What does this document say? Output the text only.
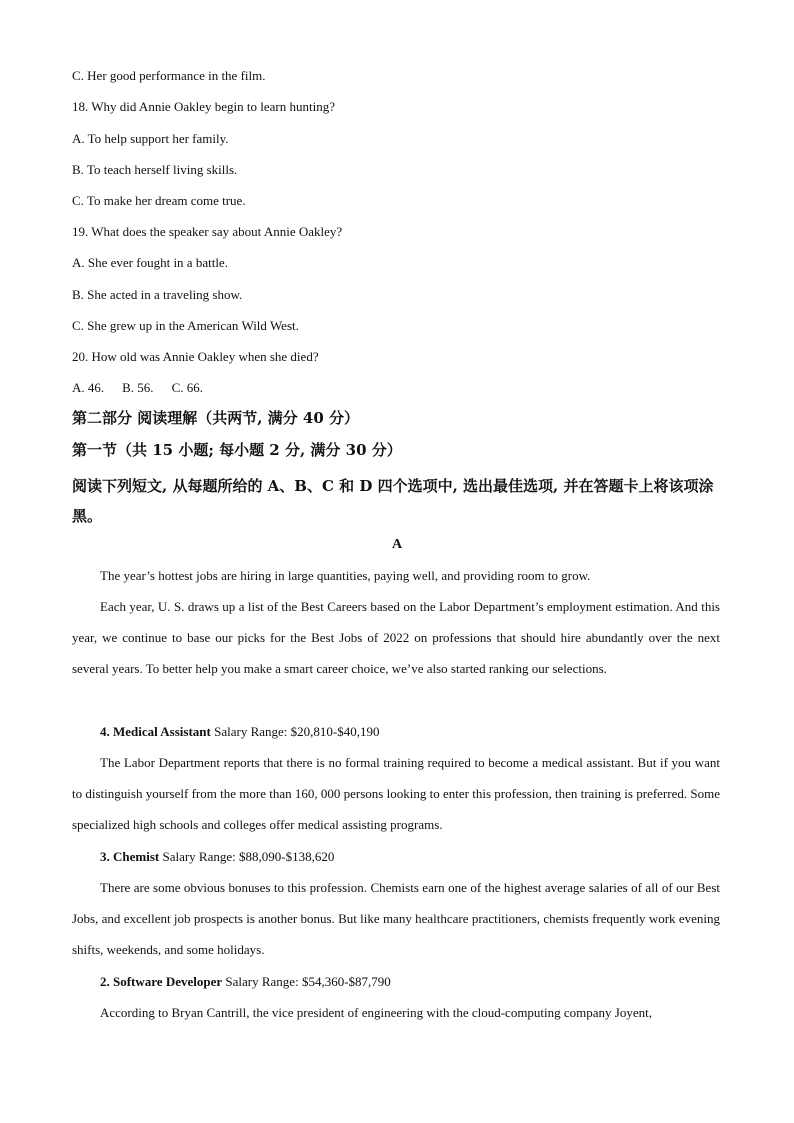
C. Her good performance in the film.
18. Why did Annie Oakley begin to learn hunting?
A. To help support her family.
B. To teach herself living skills.
C. To make her dream come true.
19. What does the speaker say about Annie Oakley?
A. She ever fought in a battle.
B. She acted in a traveling show.
C. She grew up in the American Wild West.
20. How old was Annie Oakley when she died?
A. 46. B. 56. C. 66.
第二部分 阅读理解（共两节, 满分 40 分）
第一节（共 15 小题; 每小题 2 分, 满分 30 分）
阅读下列短文, 从每题所给的 A、B、C 和 D 四个选项中, 选出最佳选项, 并在答题卡上将该项涂黑。
A
The year’s hottest jobs are hiring in large quantities, paying well, and providing room to grow.
Each year, U. S. draws up a list of the Best Careers based on the Labor Department’s employment estimation. And this year, we continue to base our picks for the Best Jobs of 2022 on professions that should hire abundantly over the next several years. To better help you make a smart career choice, we’ve also started ranking our selections.
4. Medical Assistant Salary Range: $20,810-$40,190
The Labor Department reports that there is no formal training required to become a medical assistant. But if you want to distinguish yourself from the more than 160, 000 persons looking to enter this profession, then training is preferred. Some specialized high schools and colleges offer medical assisting programs.
3. Chemist Salary Range: $88,090-$138,620
There are some obvious bonuses to this profession. Chemists earn one of the highest average salaries of all of our Best Jobs, and excellent job prospects is another bonus. But like many healthcare practitioners, chemists frequently work evening shifts, weekends, and some holidays.
2. Software Developer Salary Range: $54,360-$87,790
According to Bryan Cantrill, the vice president of engineering with the cloud-computing company Joyent,
